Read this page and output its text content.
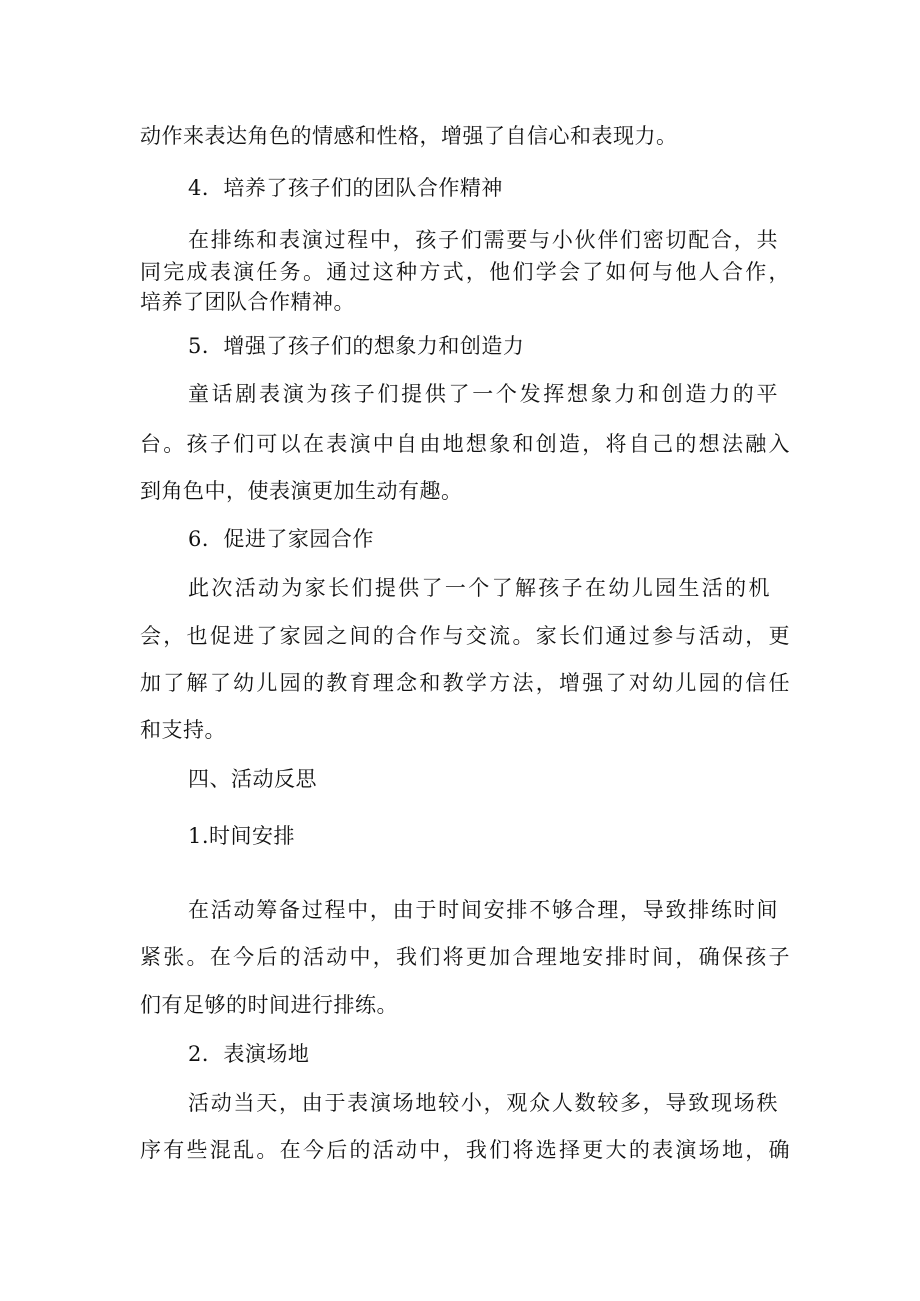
动作来表达角色的情感和性格，增强了自信心和表现力。
4．培养了孩子们的团队合作精神
在排练和表演过程中，孩子们需要与小伙伴们密切配合，共
同完成表演任务。通过这种方式，他们学会了如何与他人合作，
培养了团队合作精神。
5．增强了孩子们的想象力和创造力
童话剧表演为孩子们提供了一个发挥想象力和创造力的平
台。孩子们可以在表演中自由地想象和创造，将自己的想法融入
到角色中，使表演更加生动有趣。
6．促进了家园合作
此次活动为家长们提供了一个了解孩子在幼儿园生活的机
会，也促进了家园之间的合作与交流。家长们通过参与活动，更
加了解了幼儿园的教育理念和教学方法，增强了对幼儿园的信任
和支持。
四、活动反思
1.时间安排
在活动筹备过程中，由于时间安排不够合理，导致排练时间
紧张。在今后的活动中，我们将更加合理地安排时间，确保孩子
们有足够的时间进行排练。
2．表演场地
活动当天，由于表演场地较小，观众人数较多，导致现场秩
序有些混乱。在今后的活动中，我们将选择更大的表演场地，确
